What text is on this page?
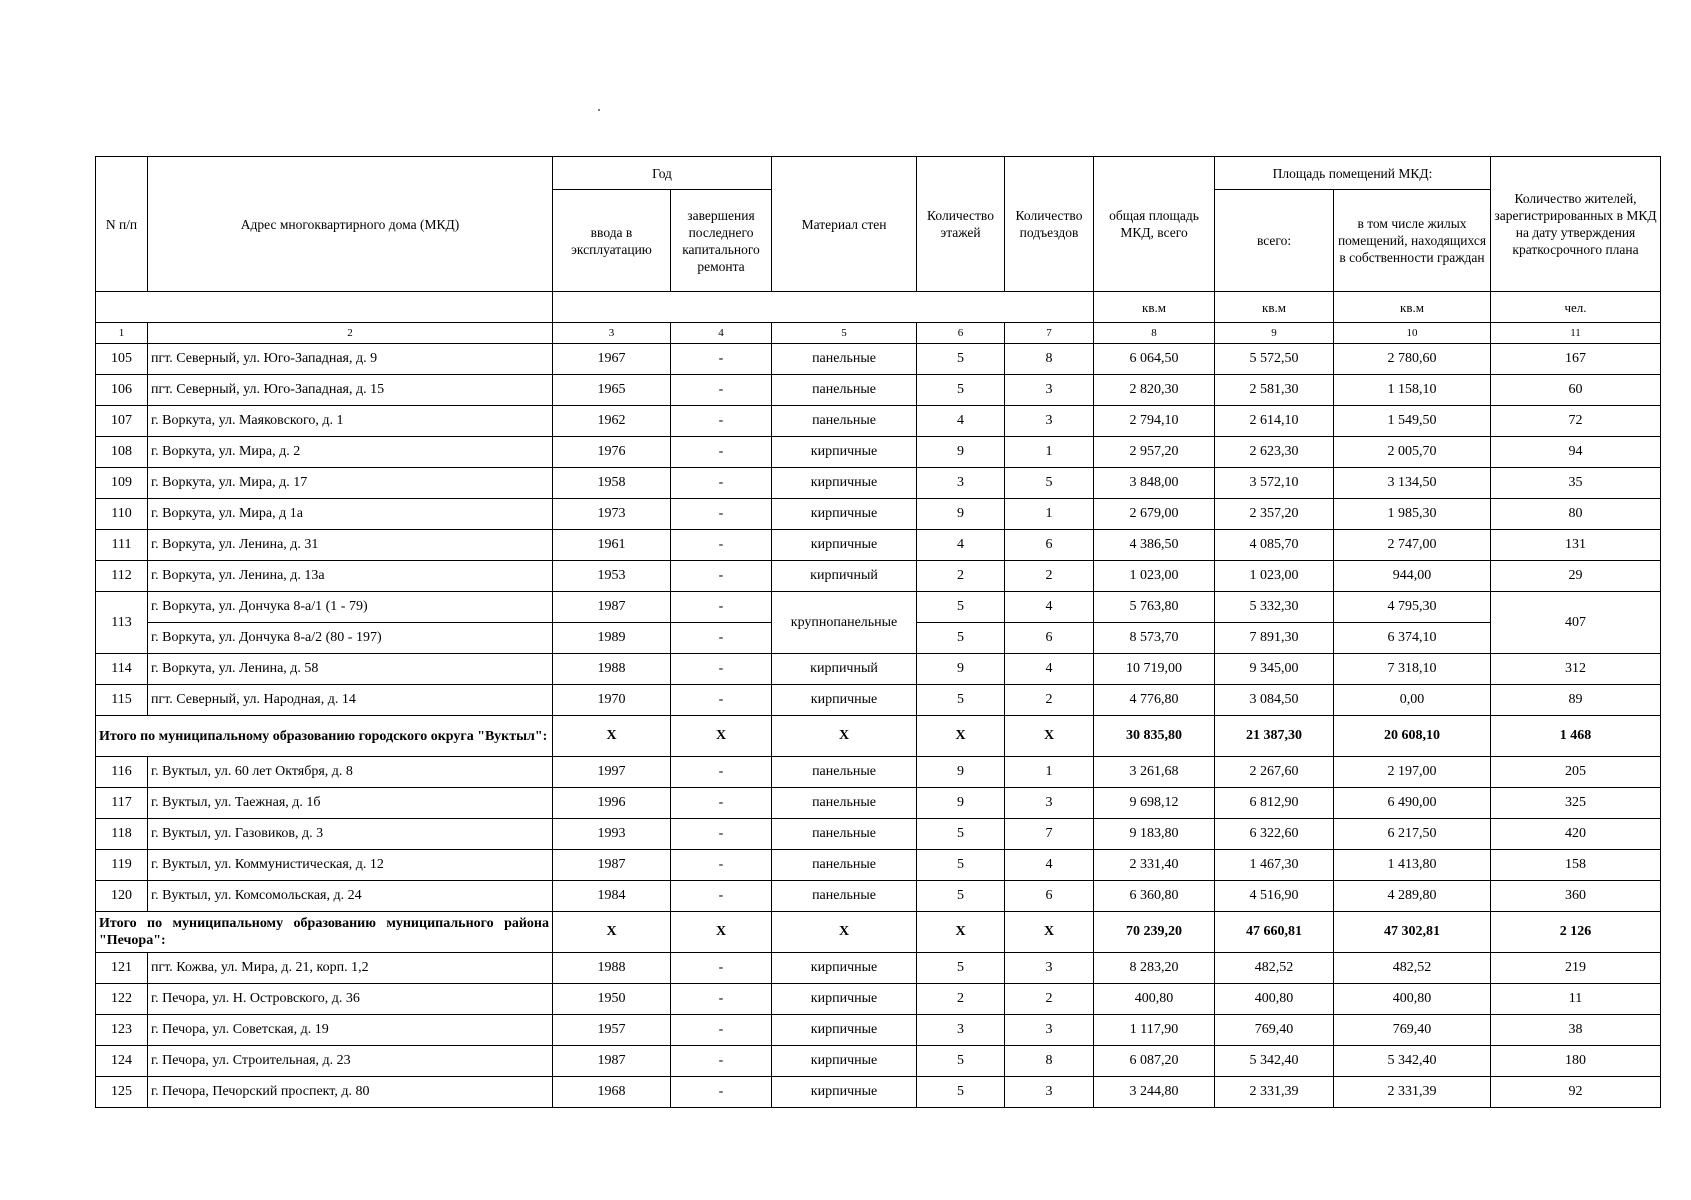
N п/п	Адрес многоквартирного дома (МКД)	Год		Материал стен	Количество этажей	Количество подъездов	общая площадь МКД, всего	Площадь помещений МКД:		Количество жителей, зарегистрированных в МКД на дату утверждения краткосрочного плана
		ввода в эксплуатацию	завершения последнего капитального ремонта					всего:	в том числе жилых помещений, находящихся в собственности граждан	
							кв.м	кв.м	кв.м	чел.
1	2	3	4	5	6	7	8	9	10	11
105	пгт. Северный, ул. Юго-Западная, д. 9	1967	-	панельные	5	8	6 064,50	5 572,50	2 780,60	167
106	пгт. Северный, ул. Юго-Западная, д. 15	1965	-	панельные	5	3	2 820,30	2 581,30	1 158,10	60
107	г. Воркута, ул. Маяковского, д. 1	1962	-	панельные	4	3	2 794,10	2 614,10	1 549,50	72
108	г. Воркута, ул. Мира, д. 2	1976	-	кирпичные	9	1	2 957,20	2 623,30	2 005,70	94
109	г. Воркута, ул. Мира, д. 17	1958	-	кирпичные	3	5	3 848,00	3 572,10	3 134,50	35
110	г. Воркута, ул. Мира, д 1а	1973	-	кирпичные	9	1	2 679,00	2 357,20	1 985,30	80
111	г. Воркута, ул. Ленина, д. 31	1961	-	кирпичные	4	6	4 386,50	4 085,70	2 747,00	131
112	г. Воркута, ул. Ленина, д. 13а	1953	-	кирпичный	2	2	1 023,00	1 023,00	944,00	29
113	г. Воркута, ул. Дончука 8-а/1 (1 - 79)	1987	-	крупнопанельные	5	4	5 763,80	5 332,30	4 795,30	407
	г. Воркута, ул. Дончука 8-а/2 (80 - 197)	1989	-		5	6	8 573,70	7 891,30	6 374,10	
114	г. Воркута, ул. Ленина, д. 58	1988	-	кирпичный	9	4	10 719,00	9 345,00	7 318,10	312
115	пгт. Северный, ул. Народная, д. 14	1970	-	кирпичные	5	2	4 776,80	3 084,50	0,00	89
Итого по муниципальному образованию городского округа "Вуктыл":		X	X	X	X	X	30 835,80	21 387,30	20 608,10	1 468
116	г. Вуктыл, ул. 60 лет Октября, д. 8	1997	-	панельные	9	1	3 261,68	2 267,60	2 197,00	205
117	г. Вуктыл, ул. Таежная, д. 1б	1996	-	панельные	9	3	9 698,12	6 812,90	6 490,00	325
118	г. Вуктыл, ул. Газовиков, д. 3	1993	-	панельные	5	7	9 183,80	6 322,60	6 217,50	420
119	г. Вуктыл, ул. Коммунистическая, д. 12	1987	-	панельные	5	4	2 331,40	1 467,30	1 413,80	158
120	г. Вуктыл, ул. Комсомольская, д. 24	1984	-	панельные	5	6	6 360,80	4 516,90	4 289,80	360
Итого по муниципальному образованию муниципального района "Печора":		X	X	X	X	X	70 239,20	47 660,81	47 302,81	2 126
121	пгт. Кожва, ул. Мира, д. 21, корп. 1,2	1988	-	кирпичные	5	3	8 283,20	482,52	482,52	219
122	г. Печора, ул. Н. Островского, д. 36	1950	-	кирпичные	2	2	400,80	400,80	400,80	11
123	г. Печора, ул. Советская, д. 19	1957	-	кирпичные	3	3	1 117,90	769,40	769,40	38
124	г. Печора, ул. Строительная, д. 23	1987	-	кирпичные	5	8	6 087,20	5 342,40	5 342,40	180
125	г. Печора, Печорский проспект, д. 80	1968	-	кирпичные	5	3	3 244,80	2 331,39	2 331,39	92
